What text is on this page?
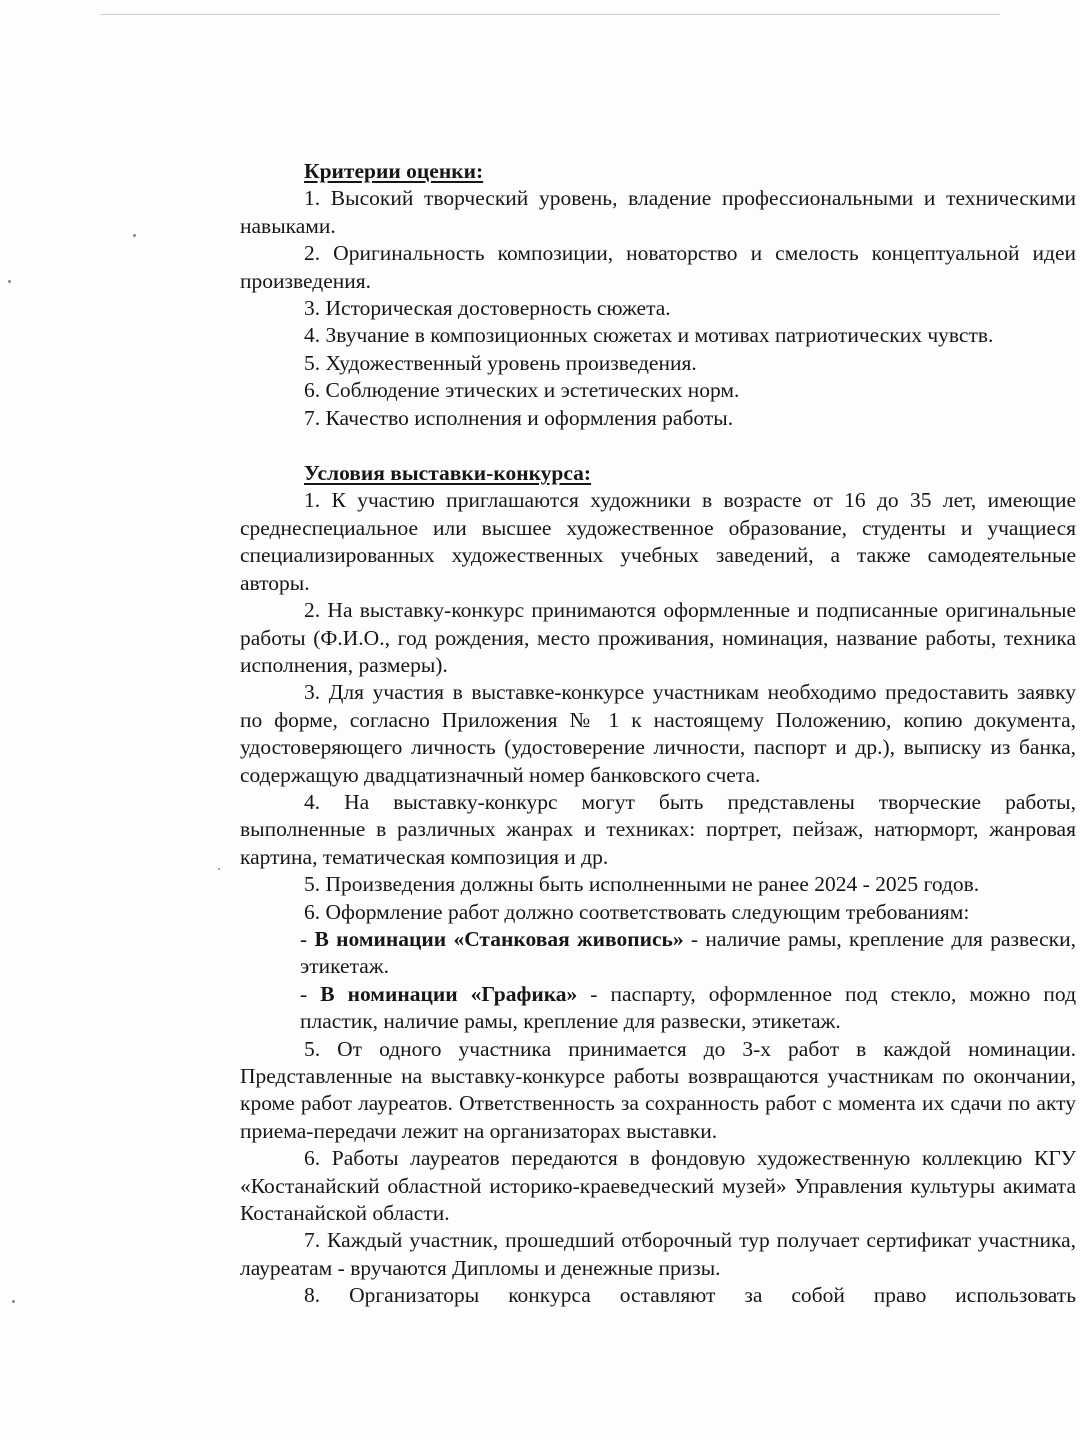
Критерии оценки:
1. Высокий творческий уровень, владение профессиональными и техническими навыками.
2. Оригинальность композиции, новаторство и смелость концептуальной идеи произведения.
3. Историческая достоверность сюжета.
4. Звучание в композиционных сюжетах и мотивах патриотических чувств.
5. Художественный уровень произведения.
6. Соблюдение этических и эстетических норм.
7. Качество исполнения и оформления работы.
Условия выставки-конкурса:
1. К участию приглашаются художники в возрасте от 16 до 35 лет, имеющие среднеспециальное или высшее художественное образование, студенты и учащиеся специализированных художественных учебных заведений, а также самодеятельные авторы.
2. На выставку-конкурс принимаются оформленные и подписанные оригинальные работы (Ф.И.О., год рождения, место проживания, номинация, название работы, техника исполнения, размеры).
3. Для участия в выставке-конкурсе участникам необходимо предоставить заявку по форме, согласно Приложения № 1 к настоящему Положению, копию документа, удостоверяющего личность (удостоверение личности, паспорт и др.), выписку из банка, содержащую двадцатизначный номер банковского счета.
4. На выставку-конкурс могут быть представлены творческие работы, выполненные в различных жанрах и техниках: портрет, пейзаж, натюрморт, жанровая картина, тематическая композиция и др.
5. Произведения должны быть исполненными не ранее 2024 - 2025 годов.
6. Оформление работ должно соответствовать следующим требованиям:
- В номинации «Станковая живопись» - наличие рамы, крепление для развески, этикетаж.
- В номинации «Графика» - паспарту, оформленное под стекло, можно под пластик, наличие рамы, крепление для развески, этикетаж.
5. От одного участника принимается до 3-х работ в каждой номинации. Представленные на выставку-конкурсе работы возвращаются участникам по окончании, кроме работ лауреатов. Ответственность за сохранность работ с момента их сдачи по акту приема-передачи лежит на организаторах выставки.
6. Работы лауреатов передаются в фондовую художественную коллекцию КГУ «Костанайский областной историко-краеведческий музей» Управления культуры акимата Костанайской области.
7. Каждый участник, прошедший отборочный тур получает сертификат участника, лауреатам - вручаются Дипломы и денежные призы.
8. Организаторы конкурса оставляют за собой право использовать
